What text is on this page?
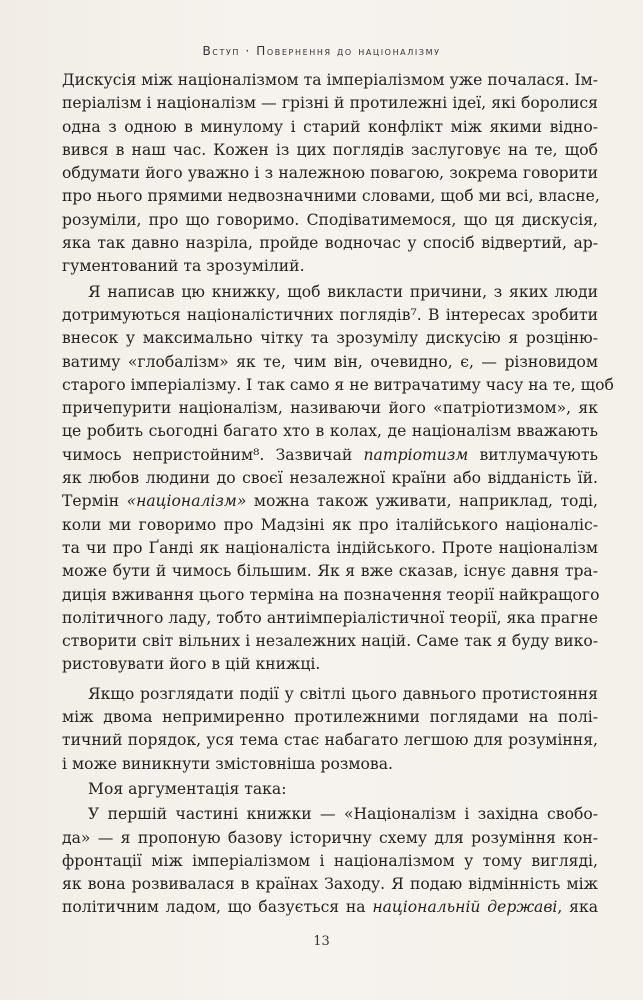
Вступ · Повернення до націоналізму
Дискусія між націоналізмом та імперіалізмом уже почалася. Ім-
періалізм і націоналізм — грізні й протилежні ідеї, які боролися
одна з одною в минулому і старий конфлікт між якими відно-
вився в наш час. Кожен із цих поглядів заслуговує на те, щоб
обдумати його уважно і з належною повагою, зокрема говорити
про нього прямими недвозначними словами, щоб ми всі, власне,
розуміли, про що говоримо. Сподіватимемося, що ця дискусія,
яка так давно назріла, пройде водночас у спосіб відвертий, ар-
гументований та зрозумілий.
Я написав цю книжку, щоб викласти причини, з яких люди
дотримуються націоналістичних поглядів⁷. В інтересах зробити
внесок у максимально чітку та зрозумілу дискусію я розціню-
ватиму «глобалізм» як те, чим він, очевидно, є, — різновидом
старого імперіалізму. І так само я не витрачатиму часу на те, щоб
причепурити націоналізм, називаючи його «патріотизмом», як
це робить сьогодні багато хто в колах, де націоналізм вважають
чимось непристойним⁸. Зазвичай патріотизм витлумачують
як любов людини до своєї незалежної країни або відданість їй.
Термін «націоналізм» можна також уживати, наприклад, тоді,
коли ми говоримо про Мадзіні як про італійського націоналіс-
та чи про Ґанді як націоналіста індійського. Проте націоналізм
може бути й чимось більшим. Як я вже сказав, існує давня тра-
диція вживання цього терміна на позначення теорії найкращого
політичного ладу, тобто антиімперіалістичної теорії, яка прагне
створити світ вільних і незалежних націй. Саме так я буду вико-
ристовувати його в цій книжці.
Якщо розглядати події у світлі цього давнього протистояння
між двома непримиренно протилежними поглядами на полі-
тичний порядок, уся тема стає набагато легшою для розуміння,
і може виникнути змістовніша розмова.
Моя аргументація така:
У першій частині книжки — «Націоналізм і західна свобо-
да» — я пропоную базову історичну схему для розуміння кон-
фронтації між імперіалізмом і націоналізмом у тому вигляді,
як вона розвивалася в країнах Заходу. Я подаю відмінність між
політичним ладом, що базується на національній державі, яка
13
